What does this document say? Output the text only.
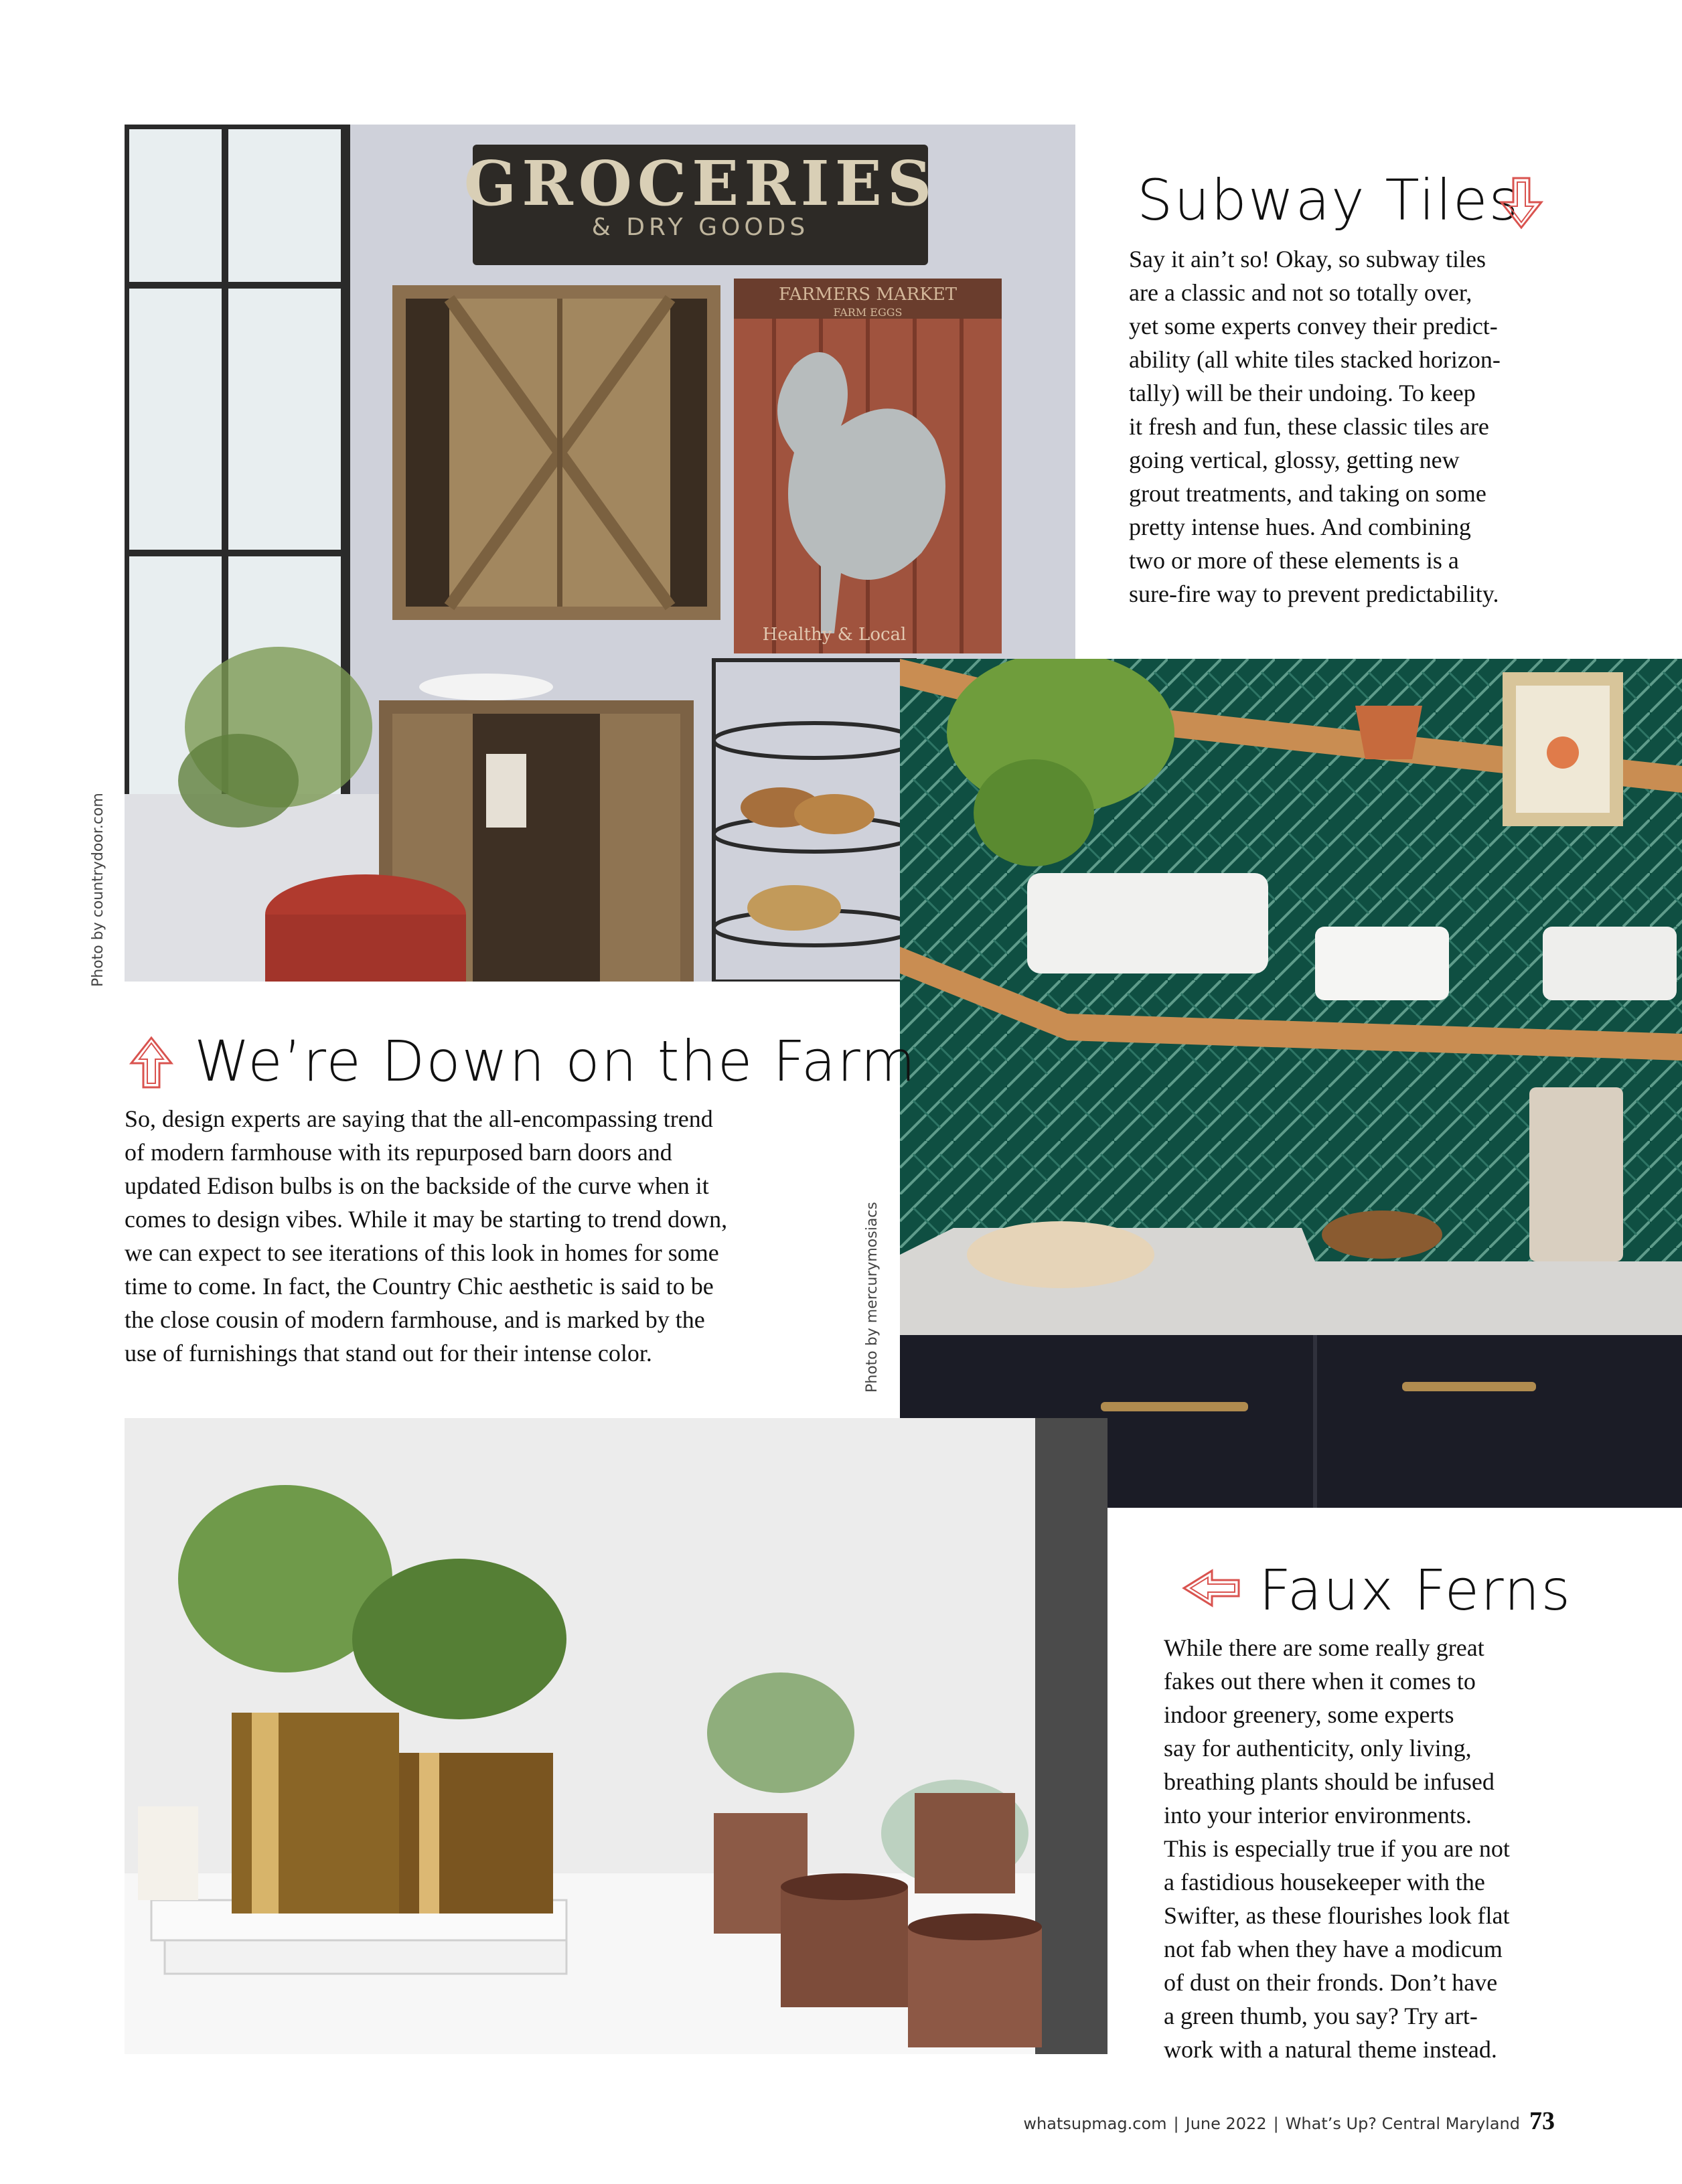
GROCERIES
& DRY GOODS
FARMERS MARKET
FARM EGGS
Healthy & Local
Subway Tiles
Say it ain’t so! Okay, so subway tiles
are a classic and not so totally over,
yet some experts convey their predict-
ability (all white tiles stacked horizon-
tally) will be their undoing. To keep
it fresh and fun, these classic tiles are
going vertical, glossy, getting new
grout treatments, and taking on some
pretty intense hues. And combining
two or more of these elements is a
sure-fire way to prevent predictability.
We’re Down on the Farm
So, design experts are saying that the all-encompassing trend
of modern farmhouse with its repurposed barn doors and
updated Edison bulbs is on the backside of the curve when it
comes to design vibes. While it may be starting to trend down,
we can expect to see iterations of this look in homes for some
time to come. In fact, the Country Chic aesthetic is said to be
the close cousin of modern farmhouse, and is marked by the
use of furnishings that stand out for their intense color.
Faux Ferns
While there are some really great
fakes out there when it comes to
indoor greenery, some experts
say for authenticity, only living,
breathing plants should be infused
into your interior environments.
This is especially true if you are not
a fastidious housekeeper with the
Swifter, as these flourishes look flat
not fab when they have a modicum
of dust on their fronds. Don’t have
a green thumb, you say? Try art-
work with a natural theme instead.
Photo by countrydoor.com
Photo by mercurymosiacs
whatsupmag.com | June 2022 | What’s Up? Central Maryland 73
